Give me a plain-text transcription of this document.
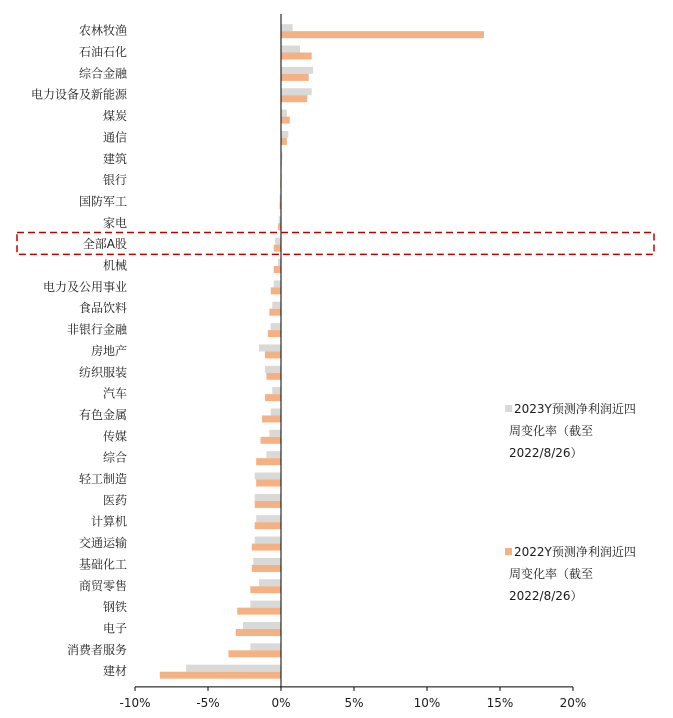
-10%	-5%	0%	5%	10%	15%	20%
农林牧渔
石油石化
综合金融
电力设备及新能源
煤炭
通信
建筑
银行
国防军工
家电
全部A股
机械
电力及公用事业
食品饮料
非银行金融
房地产
纺织服装
汽车
有色金属
传媒
综合
轻工制造
医药
计算机
交通运输
基础化工
商贸零售
钢铁
电子
消费者服务
建材
2023Y预测净利润近四
周变化率（截至
2022/8/26）
2022Y预测净利润近四
周变化率（截至
2022/8/26）
